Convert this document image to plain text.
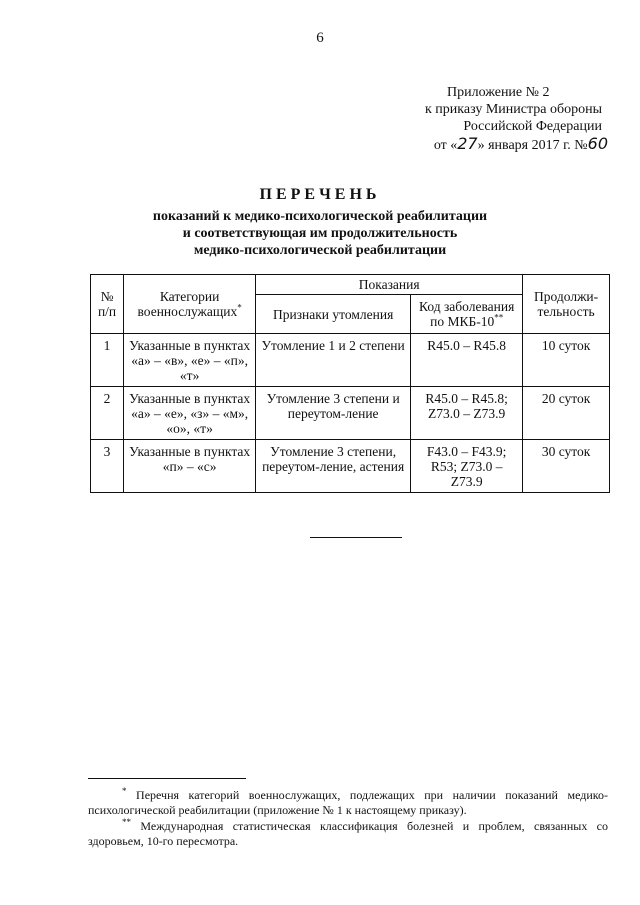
6
Приложение № 2
к приказу Министра обороны
Российской Федерации
от «27» января 2017 г. №60
ПЕРЕЧЕНЬ
показаний к медико-психологической реабилитации
и соответствующая им продолжительность
медико-психологической реабилитации
№ п/п	Категории военнослужащих*	Показания		Продолжи-тельность
		Признаки утомления	Код заболевания по МКБ-10**
1	Указанные в пунктах «а» – «в», «е» – «п», «т»	Утомление 1 и 2 степени	R45.0 – R45.8	10 суток
2	Указанные в пунктах «а» – «е», «з» – «м», «о», «т»	Утомление 3 степени и переутом-ление	R45.0 – R45.8; Z73.0 – Z73.9	20 суток
3	Указанные в пунктах «п» – «с»	Утомление 3 степени, переутом-ление, астения	F43.0 – F43.9; R53; Z73.0 – Z73.9	30 суток

* Перечня категорий военнослужащих, подлежащих при наличии показаний медико-психологической реабилитации (приложение № 1 к настоящему приказу).

** Международная статистическая классификация болезней и проблем, связанных со здоровьем, 10-го пересмотра.
